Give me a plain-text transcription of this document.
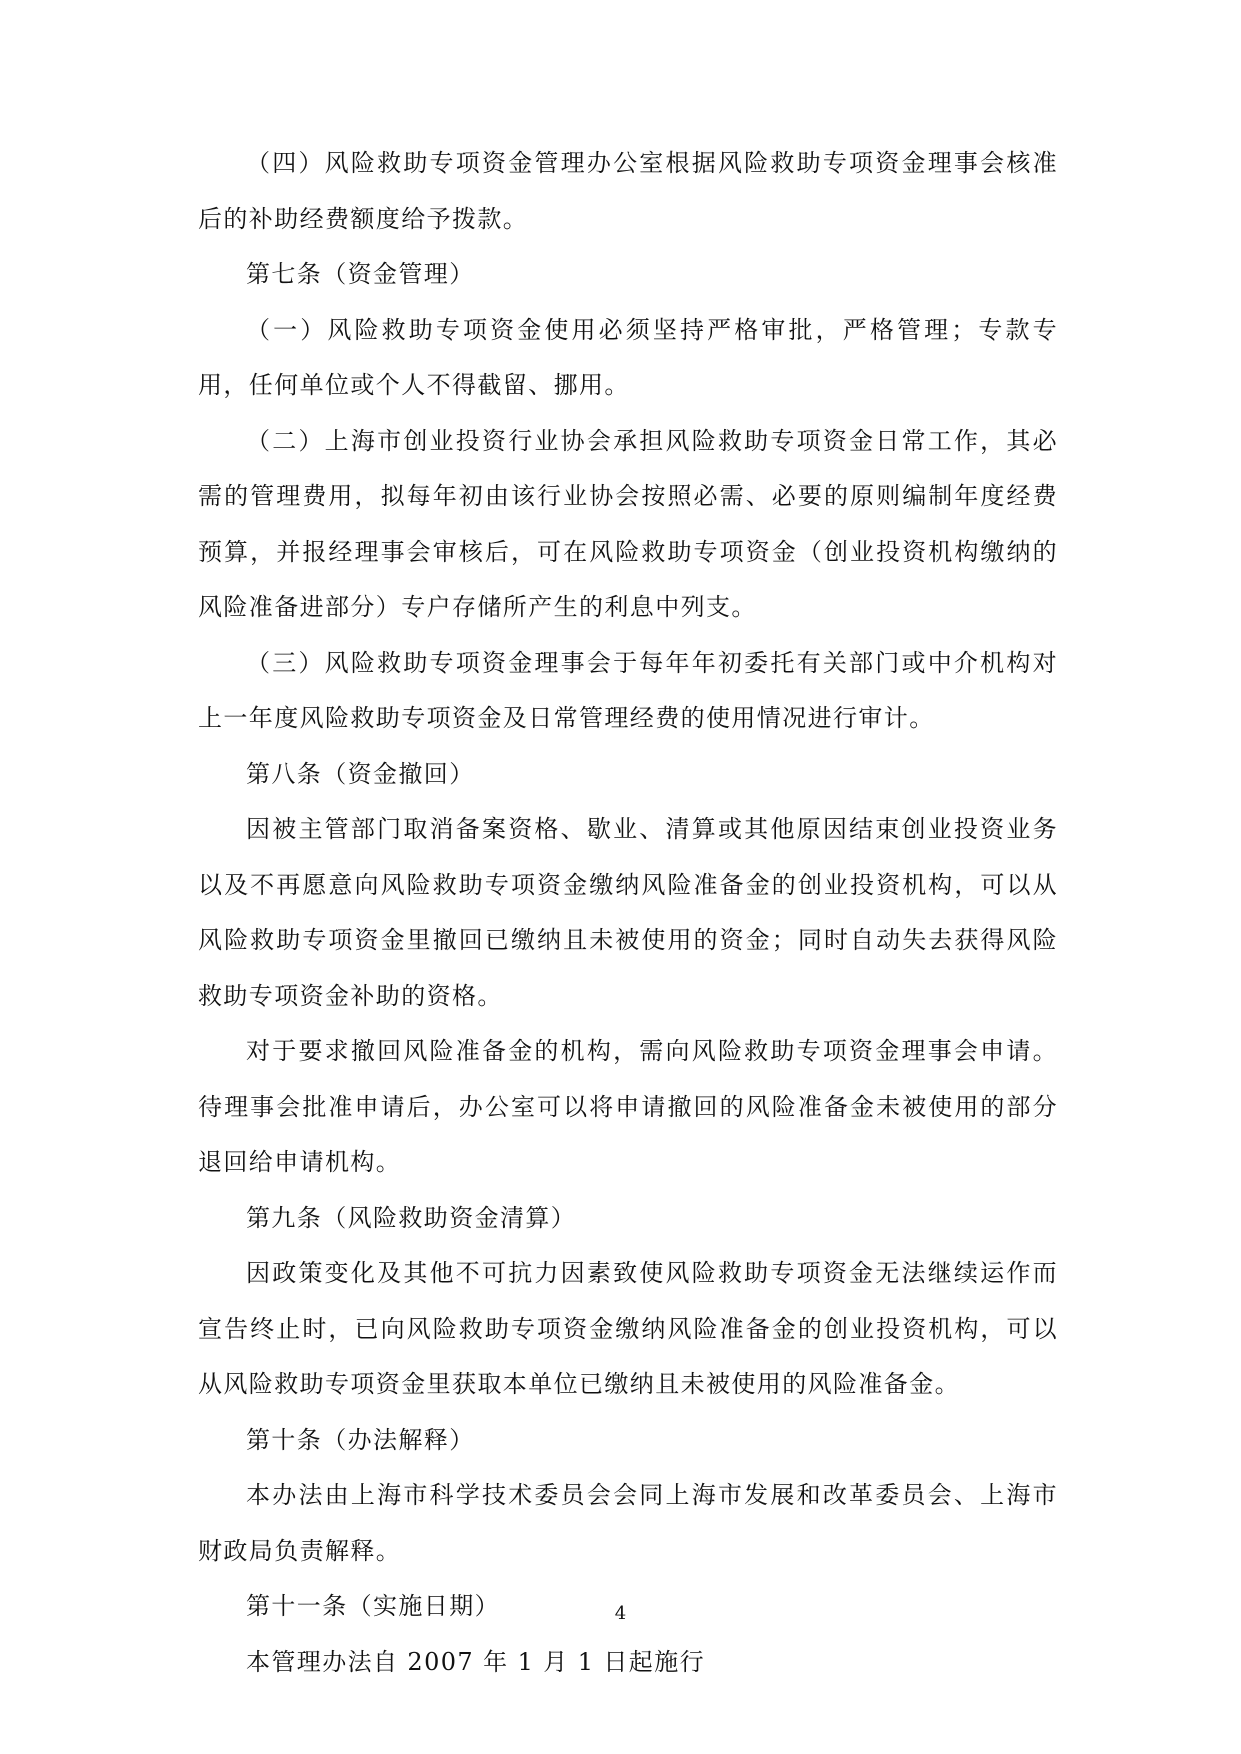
（四）风险救助专项资金管理办公室根据风险救助专项资金理事会核准后的补助经费额度给予拨款。

第七条（资金管理）

（一）风险救助专项资金使用必须坚持严格审批，严格管理；专款专用，任何单位或个人不得截留、挪用。

（二）上海市创业投资行业协会承担风险救助专项资金日常工作，其必需的管理费用，拟每年初由该行业协会按照必需、必要的原则编制年度经费预算，并报经理事会审核后，可在风险救助专项资金（创业投资机构缴纳的风险准备进部分）专户存储所产生的利息中列支。

（三）风险救助专项资金理事会于每年年初委托有关部门或中介机构对上一年度风险救助专项资金及日常管理经费的使用情况进行审计。

第八条（资金撤回）

因被主管部门取消备案资格、歇业、清算或其他原因结束创业投资业务以及不再愿意向风险救助专项资金缴纳风险准备金的创业投资机构，可以从风险救助专项资金里撤回已缴纳且未被使用的资金；同时自动失去获得风险救助专项资金补助的资格。

对于要求撤回风险准备金的机构，需向风险救助专项资金理事会申请。待理事会批准申请后，办公室可以将申请撤回的风险准备金未被使用的部分退回给申请机构。

第九条（风险救助资金清算）

因政策变化及其他不可抗力因素致使风险救助专项资金无法继续运作而宣告终止时，已向风险救助专项资金缴纳风险准备金的创业投资机构，可以从风险救助专项资金里获取本单位已缴纳且未被使用的风险准备金。

第十条（办法解释）

本办法由上海市科学技术委员会会同上海市发展和改革委员会、上海市财政局负责解释。

第十一条（实施日期）

本管理办法自 2007 年 1 月 1 日起施行

4
